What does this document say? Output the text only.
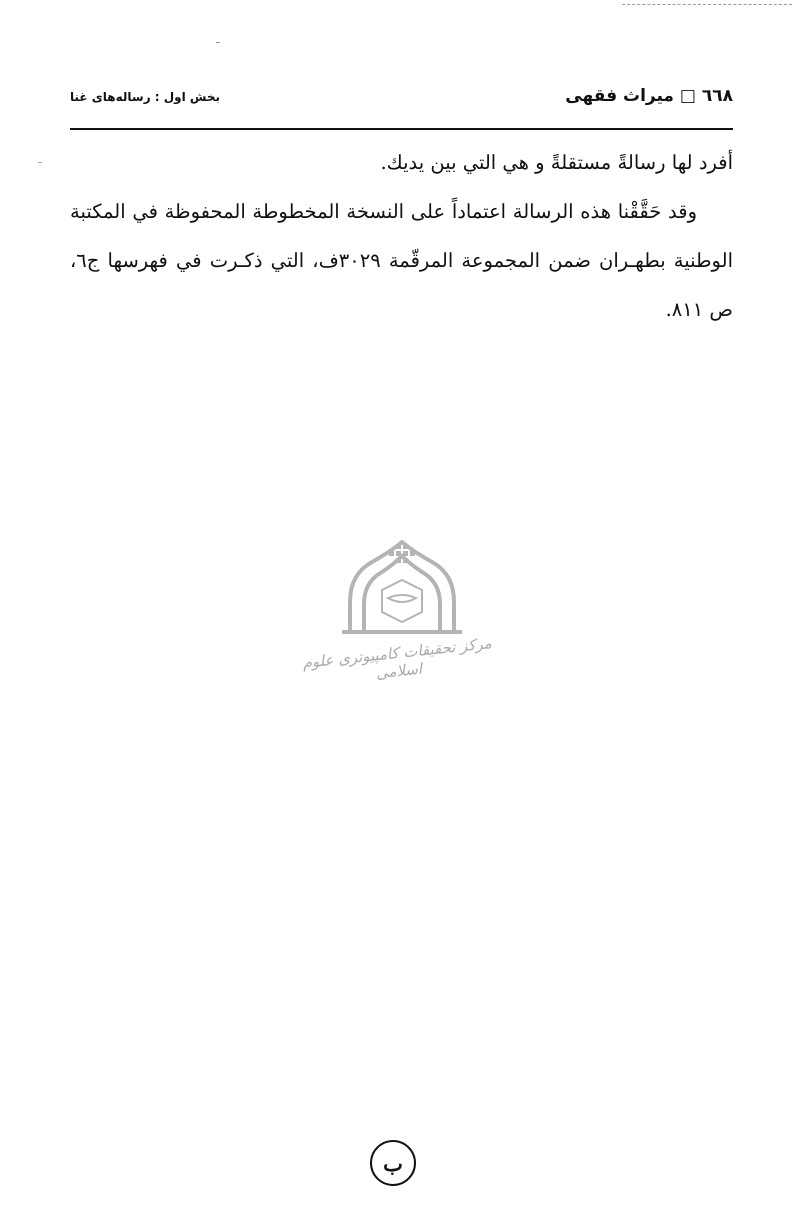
٦٦٨ □ میراث فقهی
بخش اول : رساله‌های غنا

أفرد لها رسالةً مستقلةً و هي التي بين يديك.

وقد حَقَّقْنا هذه الرسالة اعتماداً على النسخة المخطوطة المحفوظة في المكتبة الوطنية بطهـران ضمن المجموعة المرقّمة ٣٠٢٩ف، التي ذكـرت في فهرسها ج٦، ص ٨١١.

مرکز تحقیقات کامپیوتری علوم اسلامی
ب
